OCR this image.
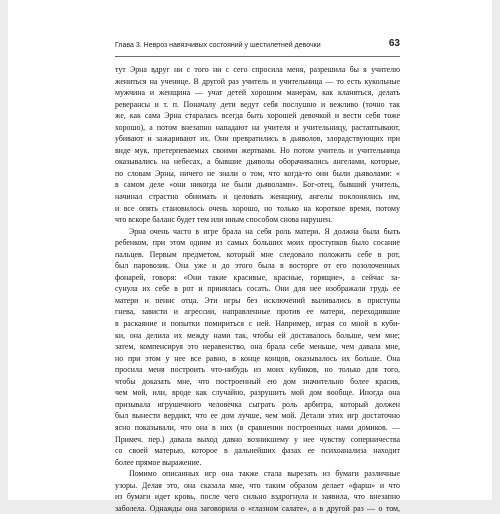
Глава 3. Невроз навязчивых состояний у шестилетней девочки	63

тут Эрна вдруг ни с того ни с сего спросила меня, разрешила бы я учителю

жениться на ученице. В другой раз учитель и учительница — то есть кукольные

мужчина и женщина — учат детей хорошим манерам, как кланяться, делать

реверансы и т. п. Поначалу дети ведут себя послушно и вежливо (точно так

же, как сама Эрна старалась всегда быть хорошей девочкой и вести себя тоже

хорошо), а потом внезапно нападают на учителя и учительницу, растаптывают,

убивают и зажаривают их. Они превратились в дьяволов, злорадствующих при

виде мук, претерпеваемых своими жертвами. Но потом учитель и учительница

оказывались на небесах, а бывшие дьяволы оборачивались ангелами, которые,

по словам Эрны, ничего не знали о том, что когда-то они были дьяволами: «

в самом деле «они никогда не были дьяволами». Бог-отец, бывший учитель,

начинал страстно обнимать и целовать женщину, ангелы поклонялись им,

и все опять становилось очень хорошо, но только на короткое время, потому

что вскоре баланс будет тем или иным способом снова нарушен.

Эрна очень часто в игре брала на себя роль матери. Я должна была быть

ребенком, при этом одним из самых больших моих проступков было сосание

пальцев. Первым предметом, который мне следовало положить себе в рот,

был паровозик. Она уже и до этого была в восторге от его позолоченных

фонарей, говоря: «Они такие красивые, красные, горящие», а сейчас за-

сунула их себе в рот и принялась сосать. Они для нее изображали грудь ее

матери и пенис отца. Эти игры без исключений выливались в приступы

гнева, зависти и агрессии, направленные против ее матери, переходившие

в раскаяние и попытки помириться с ней. Например, играя со мной в куби-

ки, она делила их между нами так, чтобы ей доставалось больше, чем мне;

затем, компенсируя это неравенство, она брала себе меньше, чем давала мне,

но при этом у нее все равно, в конце концов, оказывалось их больше. Она

просила меня построить что-нибудь из моих кубиков, но только для того,

чтобы доказать мне, что построенный ею дом значительно более красив,

чем мой, или, вроде как случайно, разрушить мой дом вообще. Иногда она

призывала игрушечного человечка сыграть роль арбитра, который должен

был вынести вердикт, что ее дом лучше, чем мой. Детали этих игр достаточно

ясно показывали, что она в них (в сравнении построенных нами домиков. —

Примеч. пер.) давала выход давно возникшему у нее чувству соперничества

со своей матерью, которое в дальнейших фазах ее психоанализа находит

более прямое выражение.

Помимо описанных игр она также стала вырезать из бумаги различные

узоры. Делая это, она сказала мне, что таким образом делает «фарш» и что

из бумаги идет кровь, после чего сильно вздрогнула и заявила, что внезапно

заболела. Однажды она заговорила о «глазном салате», а в другой раз — о том,
